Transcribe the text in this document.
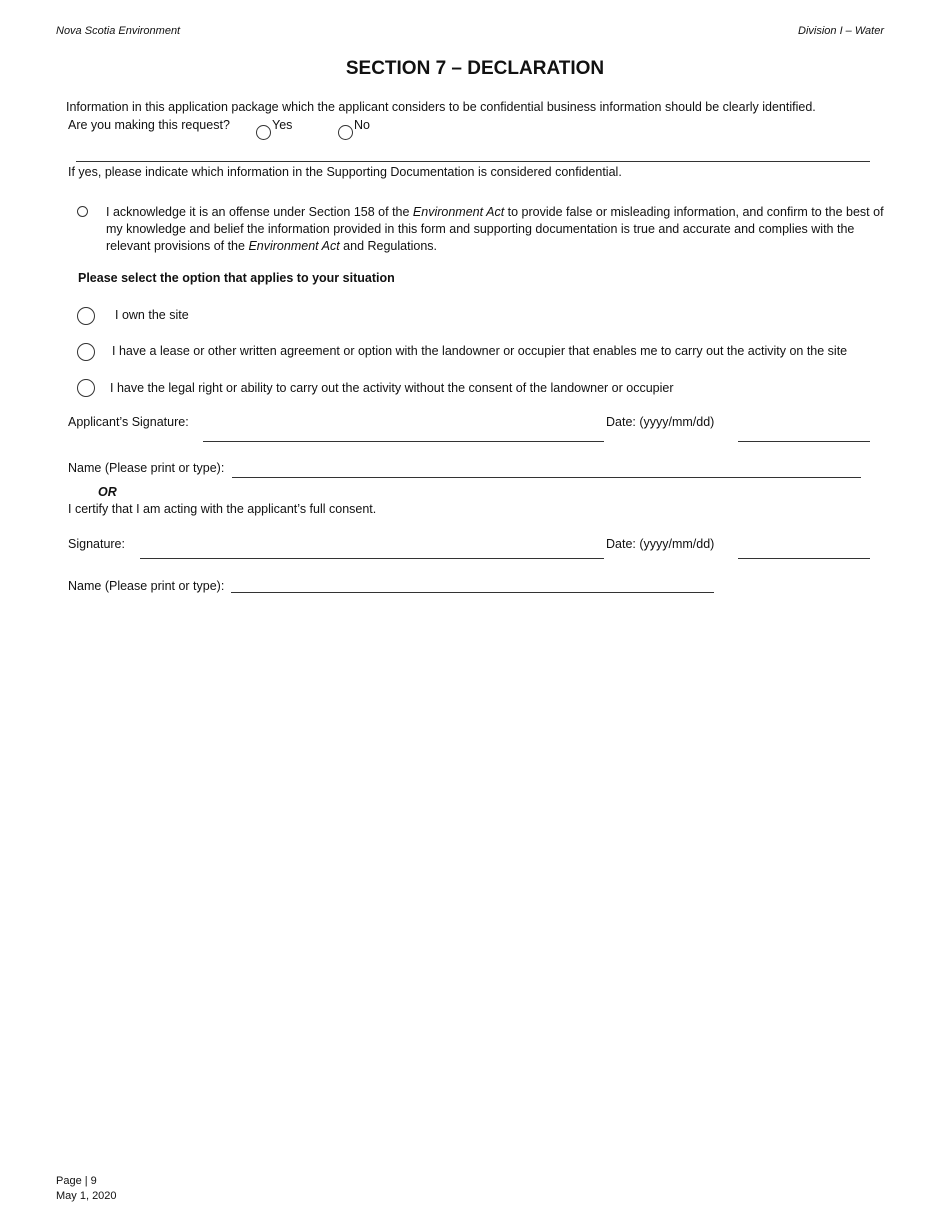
Nova Scotia Environment	Division I – Water
SECTION 7 – DECLARATION
Information in this application package which the applicant considers to be confidential business information should be clearly identified.
Are you making this request?	Yes	No
If yes, please indicate which information in the Supporting Documentation is considered confidential.
I acknowledge it is an offense under Section 158 of the Environment Act to provide false or misleading information, and confirm to the best of my knowledge and belief the information provided in this form and supporting documentation is true and accurate and complies with the relevant provisions of the Environment Act and Regulations.
Please select the option that applies to your situation
I own the site
I have a lease or other written agreement or option with the landowner or occupier that enables me to carry out the activity on the site
I have the legal right or ability to carry out the activity without the consent of the landowner or occupier
Applicant’s Signature:	Date: (yyyy/mm/dd)
Name (Please print or type):
OR
I certify that I am acting with the applicant’s full consent.
Signature:	Date: (yyyy/mm/dd)
Name (Please print or type):
Page | 9
May 1, 2020
